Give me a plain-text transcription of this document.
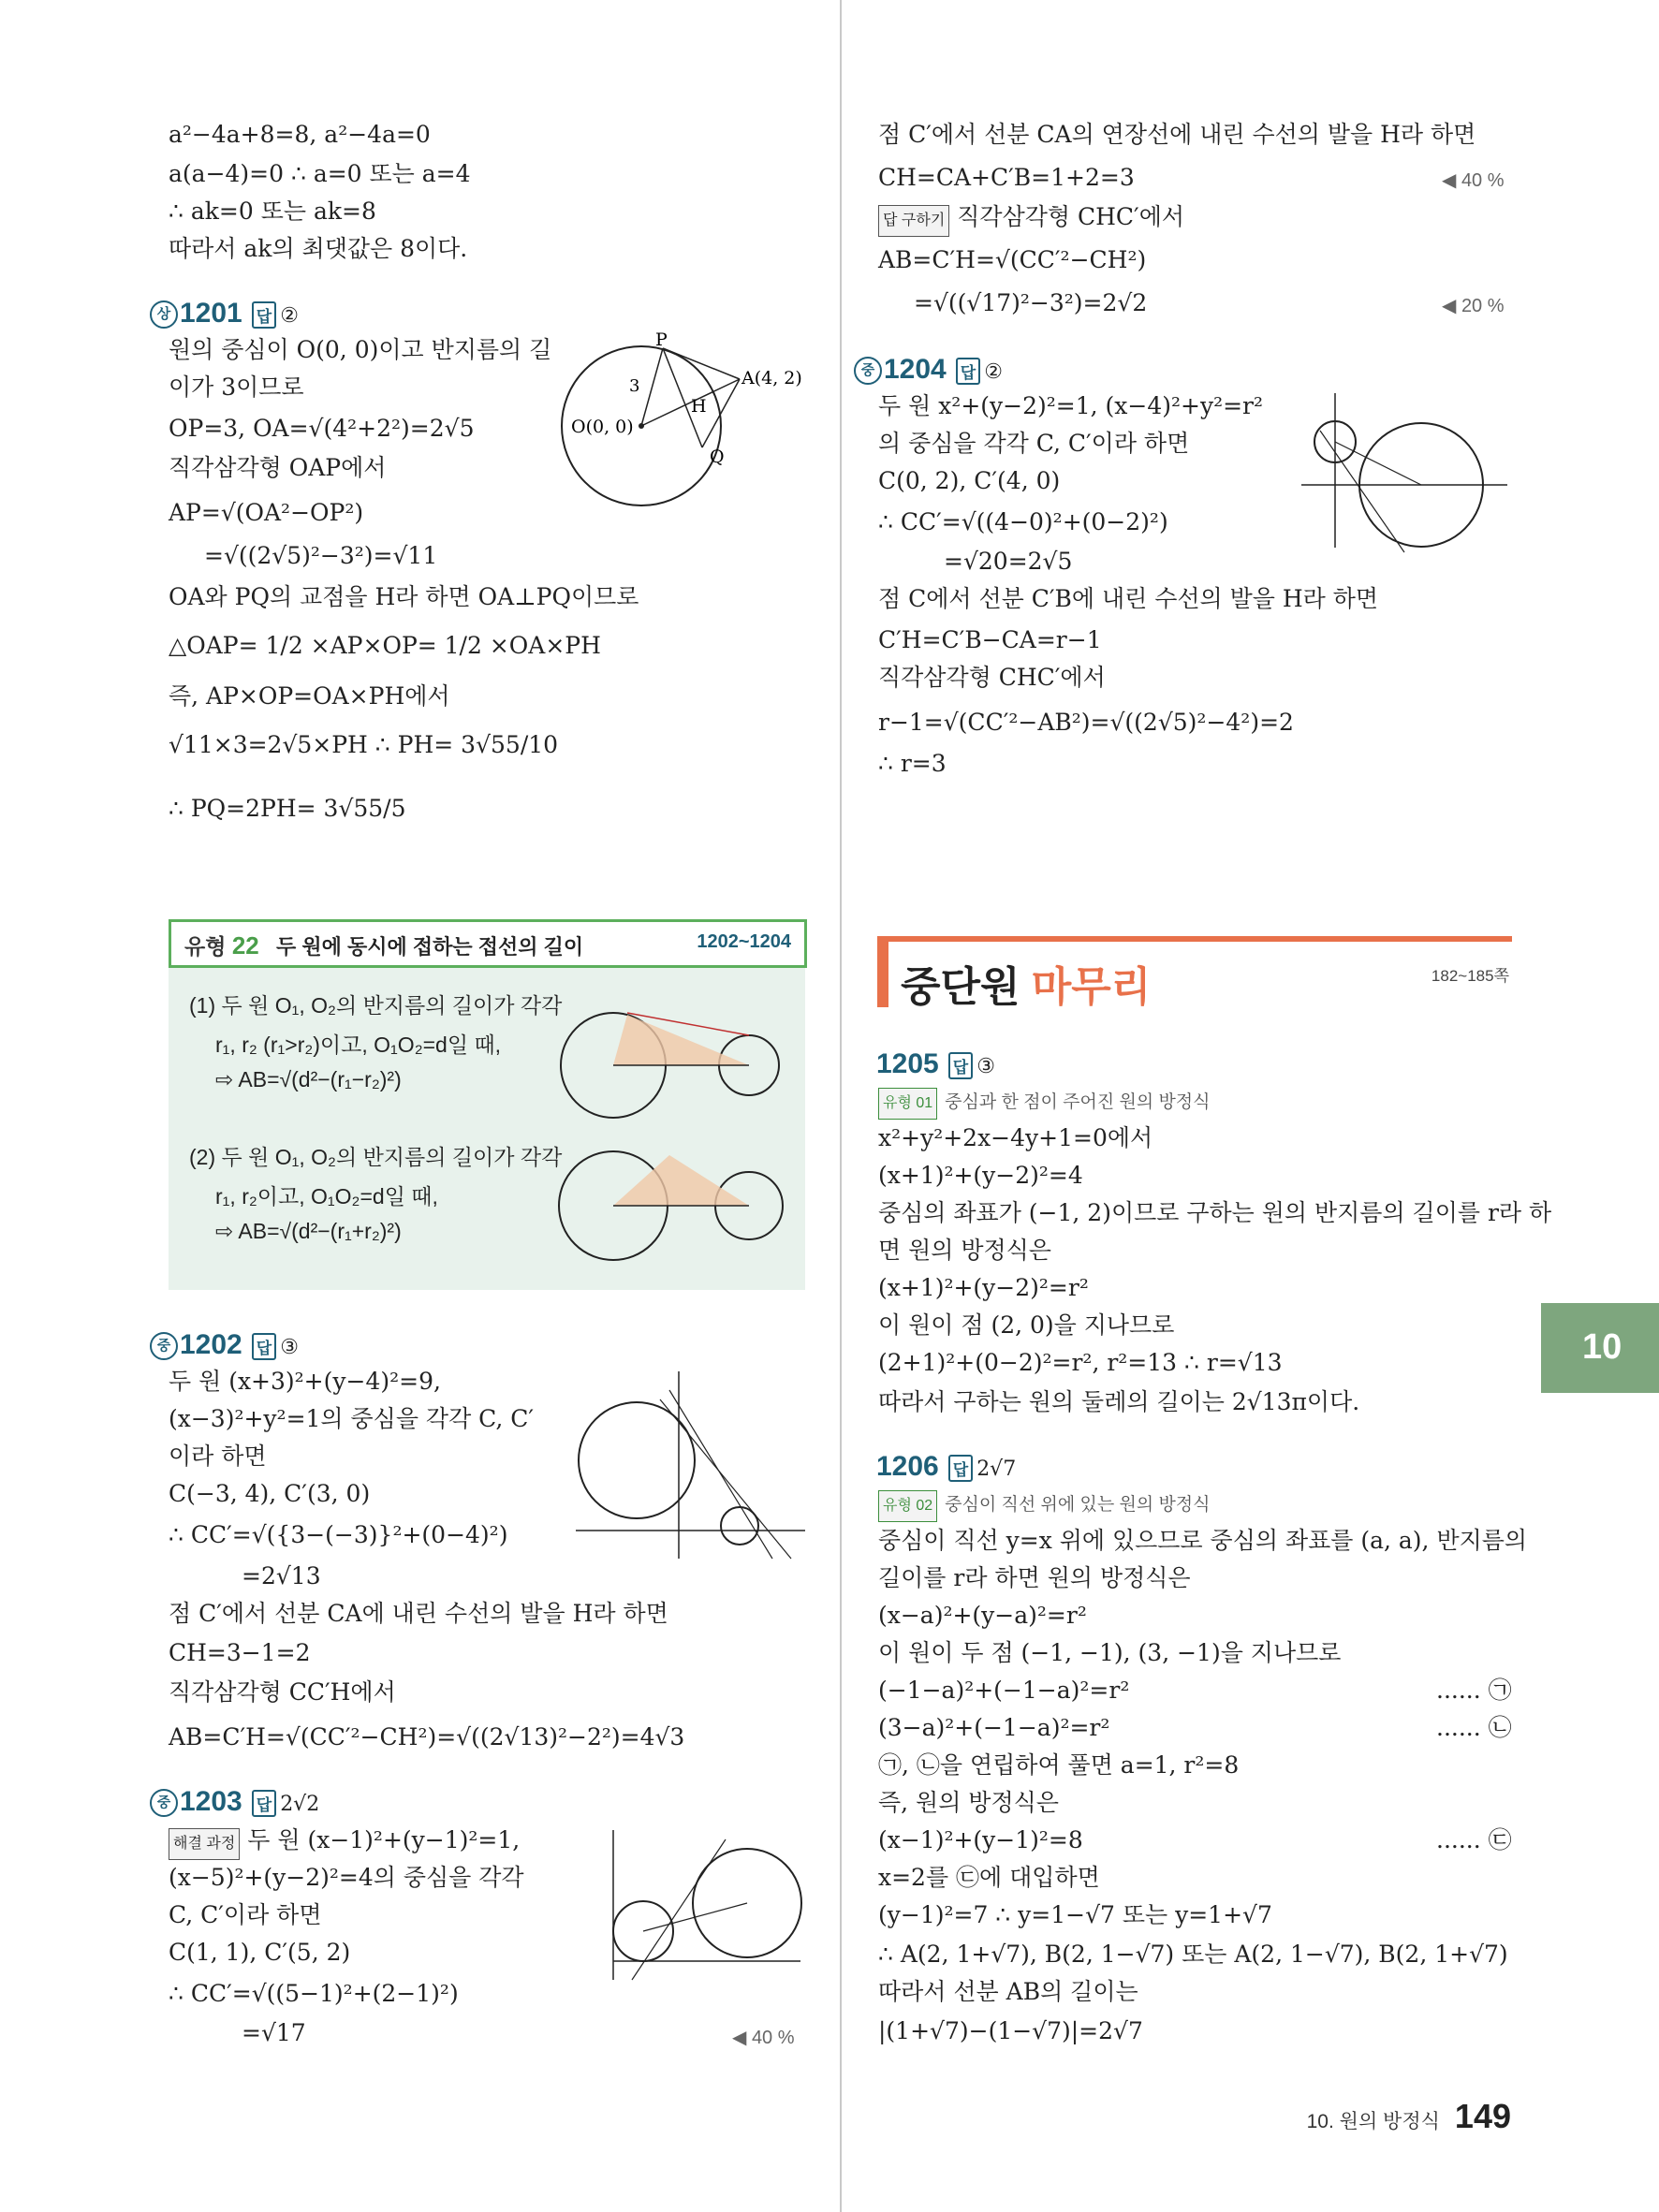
a²−4a+8=8, a²−4a=0
a(a−4)=0 ∴ a=0 또는 a=4
∴ ak=0 또는 ak=8
따라서 ak의 최댓값은 8이다.
상 1201 답 ②
원의 중심이 O(0, 0)이고 반지름의 길
이가 3이므로
OP=3, OA=√(4²+2²)=2√5
직각삼각형 OAP에서
AP=√(OA²−OP²)
=√((2√5)²−3²)=√11
OA와 PQ의 교점을 H라 하면 OA⊥PQ이므로
△OAP= 1/2 ×AP×OP= 1/2 ×OA×PH
즉, AP×OP=OA×PH에서
√11×3=2√5×PH ∴ PH= 3√55/10
∴ PQ=2PH= 3√55/5
O(0, 0)
A(4, 2)
P
Q
H
3
유형 22 두 원에 동시에 접하는 접선의 길이	1202~1204
(1) 두 원 O₁, O₂의 반지름의 길이가 각각
r₁, r₂ (r₁>r₂)이고, O₁O₂=d일 때,
⇨ AB=√(d²−(r₁−r₂)²)
(2) 두 원 O₁, O₂의 반지름의 길이가 각각
r₁, r₂이고, O₁O₂=d일 때,
⇨ AB=√(d²−(r₁+r₂)²)
중 1202 답 ③
두 원 (x+3)²+(y−4)²=9,
(x−3)²+y²=1의 중심을 각각 C, C′
이라 하면
C(−3, 4), C′(3, 0)
∴ CC′=√({3−(−3)}²+(0−4)²)
=2√13
점 C′에서 선분 CA에 내린 수선의 발을 H라 하면
CH=3−1=2
직각삼각형 CC′H에서
AB=C′H=√(CC′²−CH²)=√((2√13)²−2²)=4√3
중 1203 답 2√2
해결 과정 두 원 (x−1)²+(y−1)²=1,
(x−5)²+(y−2)²=4의 중심을 각각
C, C′이라 하면
C(1, 1), C′(5, 2)
∴ CC′=√((5−1)²+(2−1)²)
=√17	◀ 40 %
점 C′에서 선분 CA의 연장선에 내린 수선의 발을 H라 하면
CH=CA+C′B=1+2=3	◀ 40 %
답 구하기 직각삼각형 CHC′에서
AB=C′H=√(CC′²−CH²)
=√((√17)²−3²)=2√2	◀ 20 %
중 1204 답 ②
두 원 x²+(y−2)²=1, (x−4)²+y²=r²
의 중심을 각각 C, C′이라 하면
C(0, 2), C′(4, 0)
∴ CC′=√((4−0)²+(0−2)²)
=√20=2√5
점 C에서 선분 C′B에 내린 수선의 발을 H라 하면
C′H=C′B−CA=r−1
직각삼각형 CHC′에서
r−1=√(CC′²−AB²)=√((2√5)²−4²)=2
∴ r=3
중단원 마무리	182~185쪽
1205 답 ③
유형 01 중심과 한 점이 주어진 원의 방정식
x²+y²+2x−4y+1=0에서
(x+1)²+(y−2)²=4
중심의 좌표가 (−1, 2)이므로 구하는 원의 반지름의 길이를 r라 하
면 원의 방정식은
(x+1)²+(y−2)²=r²
이 원이 점 (2, 0)을 지나므로
(2+1)²+(0−2)²=r², r²=13 ∴ r=√13
따라서 구하는 원의 둘레의 길이는 2√13π이다.
1206 답 2√7
유형 02 중심이 직선 위에 있는 원의 방정식
중심이 직선 y=x 위에 있으므로 중심의 좌표를 (a, a), 반지름의
길이를 r라 하면 원의 방정식은
(x−a)²+(y−a)²=r²
이 원이 두 점 (−1, −1), (3, −1)을 지나므로
(−1−a)²+(−1−a)²=r²	...... ㉠
(3−a)²+(−1−a)²=r²	...... ㉡
㉠, ㉡을 연립하여 풀면 a=1, r²=8
즉, 원의 방정식은
(x−1)²+(y−1)²=8	...... ㉢
x=2를 ㉢에 대입하면
(y−1)²=7 ∴ y=1−√7 또는 y=1+√7
∴ A(2, 1+√7), B(2, 1−√7) 또는 A(2, 1−√7), B(2, 1+√7)
따라서 선분 AB의 길이는
|(1+√7)−(1−√7)|=2√7
10
10. 원의 방정식 149
